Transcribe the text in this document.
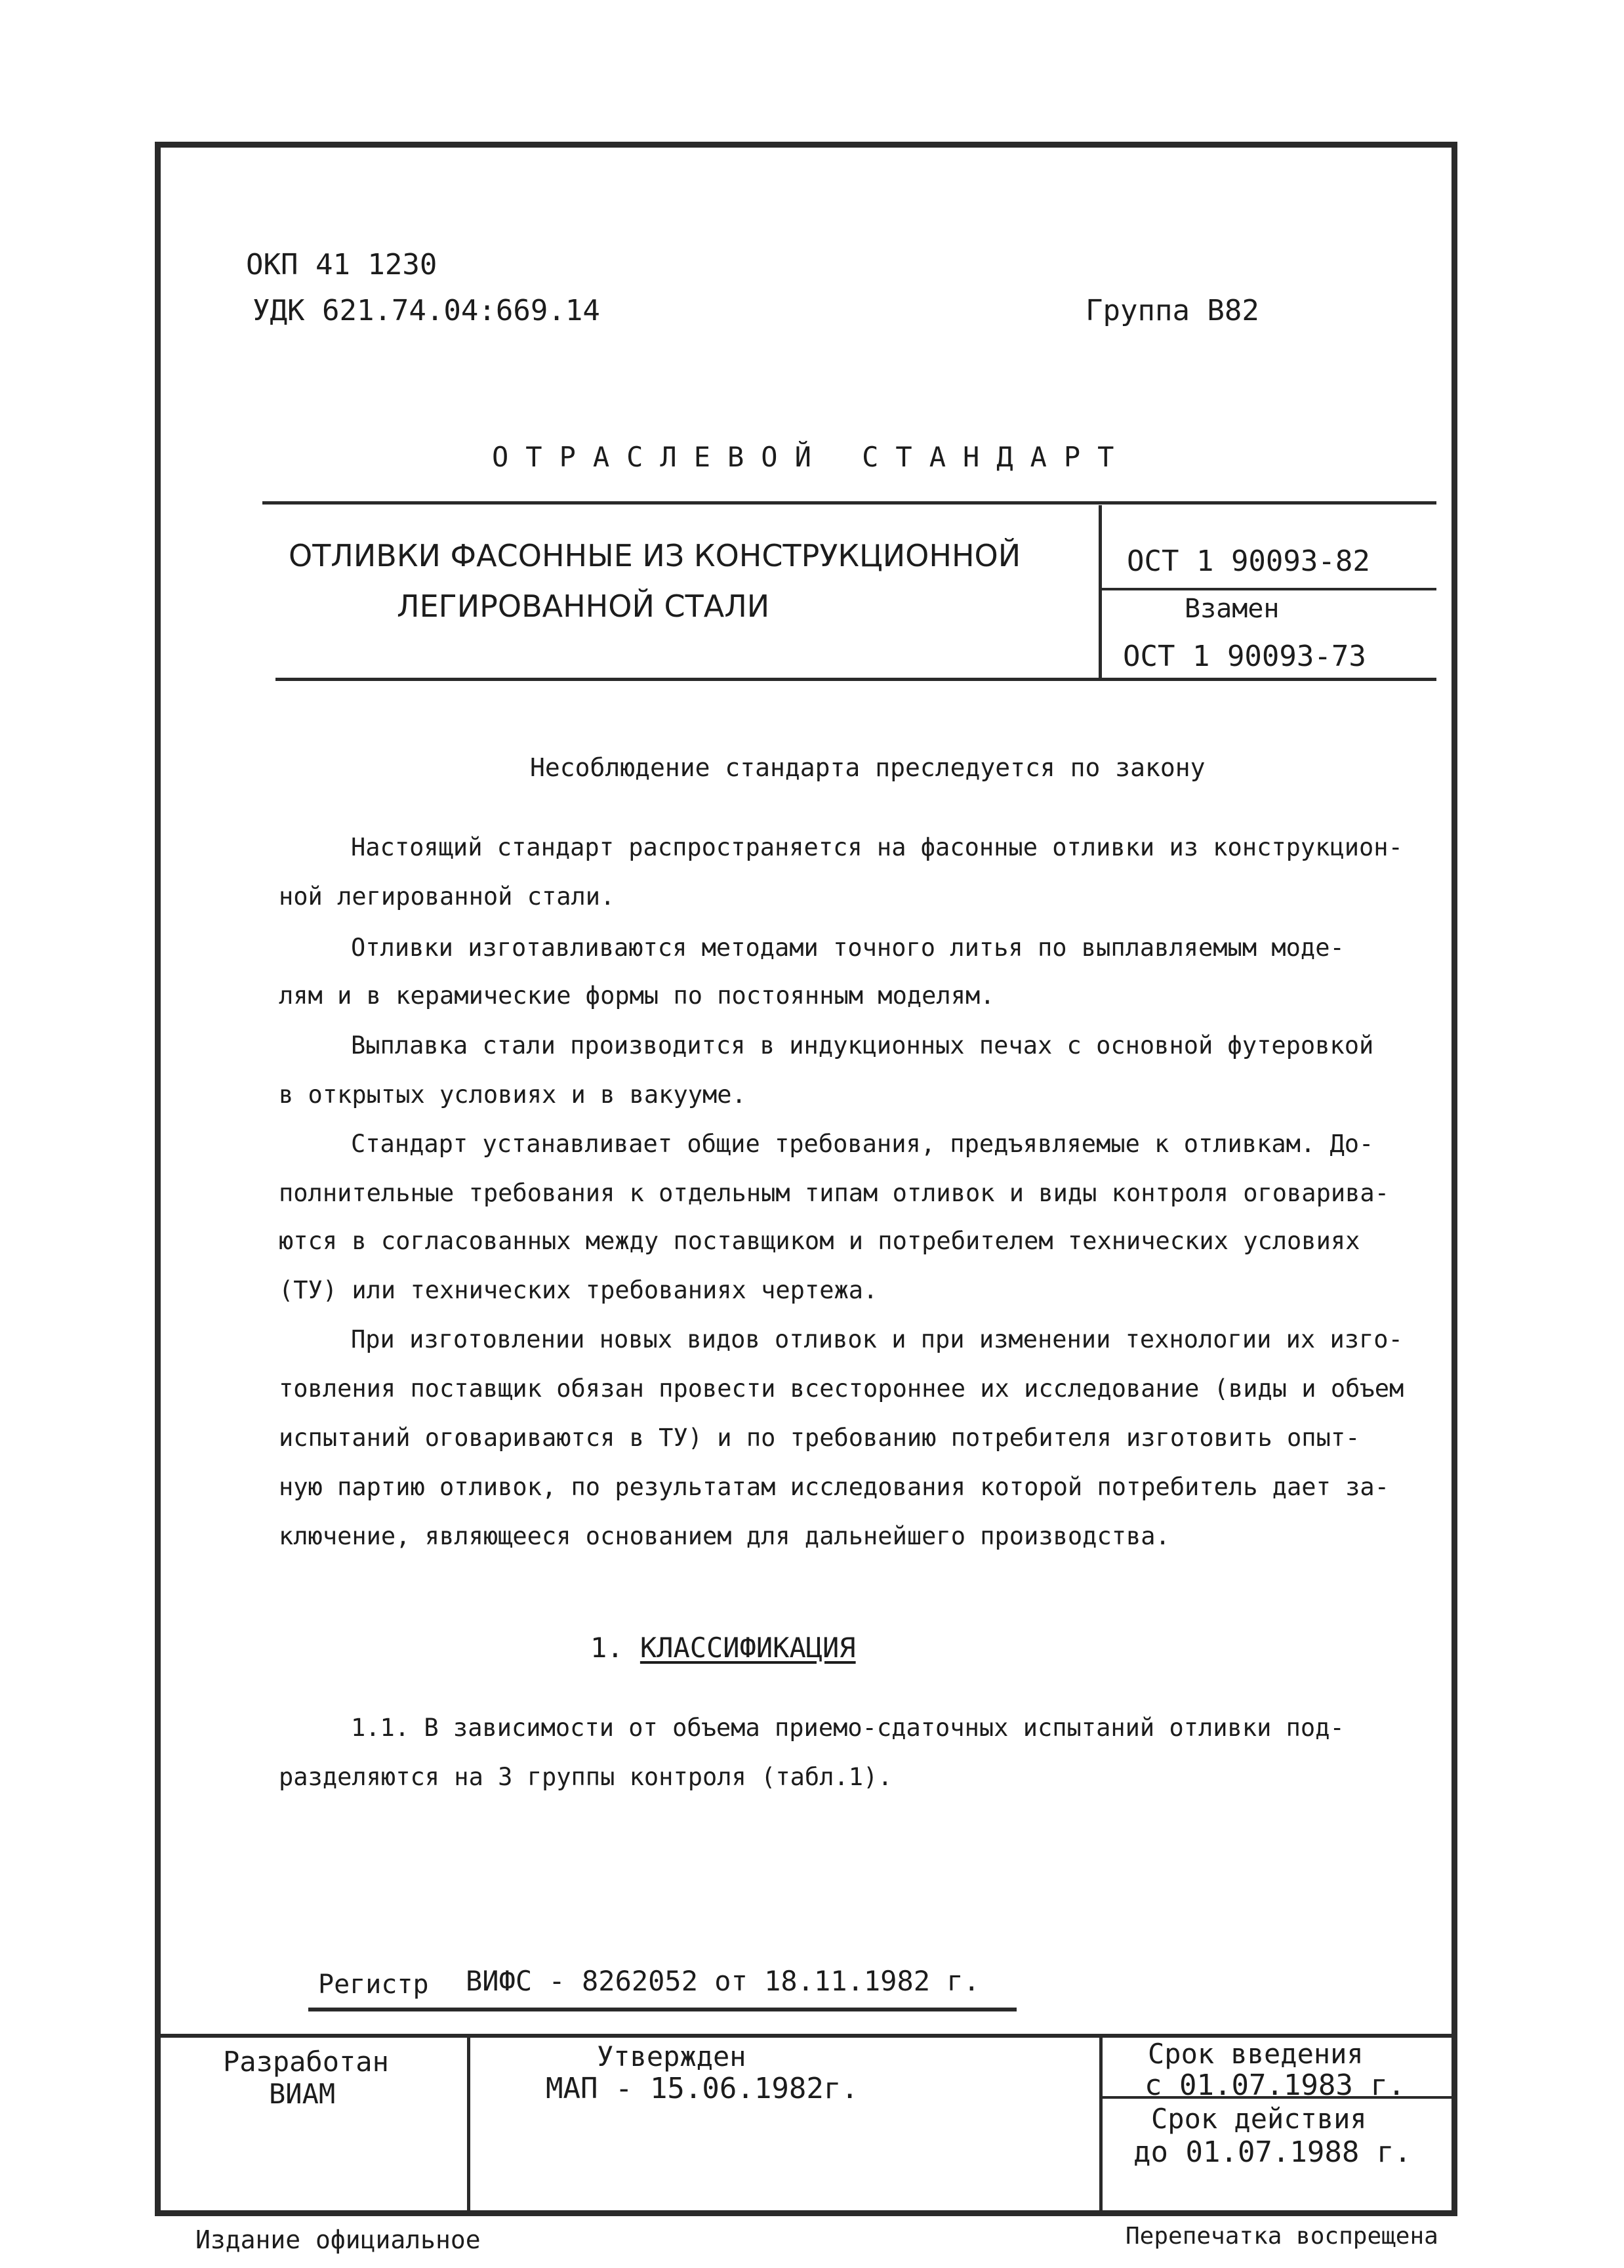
ОКП 41 1230
УДК 621.74.04:669.14	Группа В82
ОТРАСЛЕВОЙ СТАНДАРТ
ОТЛИВКИ ФАСОННЫЕ ИЗ КОНСТРУКЦИОННОЙ
ЛЕГИРОВАННОЙ СТАЛИ
ОСТ 1 90093-82
Взамен
ОСТ 1 90093-73
Несоблюдение стандарта преследуется по закону
Настоящий стандарт распространяется на фасонные отливки из конструкцион-
ной легированной стали.
Отливки изготавливаются методами точного литья по выплавляемым моде-
лям и в керамические формы по постоянным моделям.
Выплавка стали производится в индукционных печах с основной футеровкой
в открытых условиях и в вакууме.
Стандарт устанавливает общие требования, предъявляемые к отливкам. До-
полнительные требования к отдельным типам отливок и виды контроля оговарива-
ются в согласованных между поставщиком и потребителем технических условиях
(ТУ) или технических требованиях чертежа.
При изготовлении новых видов отливок и при изменении технологии их изго-
товления поставщик обязан провести всестороннее их исследование (виды и объем
испытаний оговариваются в ТУ) и по требованию потребителя изготовить опыт-
ную партию отливок, по результатам исследования которой потребитель дает за-
ключение, являющееся основанием для дальнейшего производства.
1. КЛАССИФИКАЦИЯ
1.1. В зависимости от объема приемо-сдаточных испытаний отливки под-
разделяются на 3 группы контроля (табл.1).
Регистр ВИФС - 8262052 от 18.11.1982 г.
Разработан
ВИАМ
Утвержден
МАП - 15.06.1982г.
Срок введения
с 01.07.1983 г.
Срок действия
до 01.07.1988 г.
Издание официальное	Перепечатка воспрещена
